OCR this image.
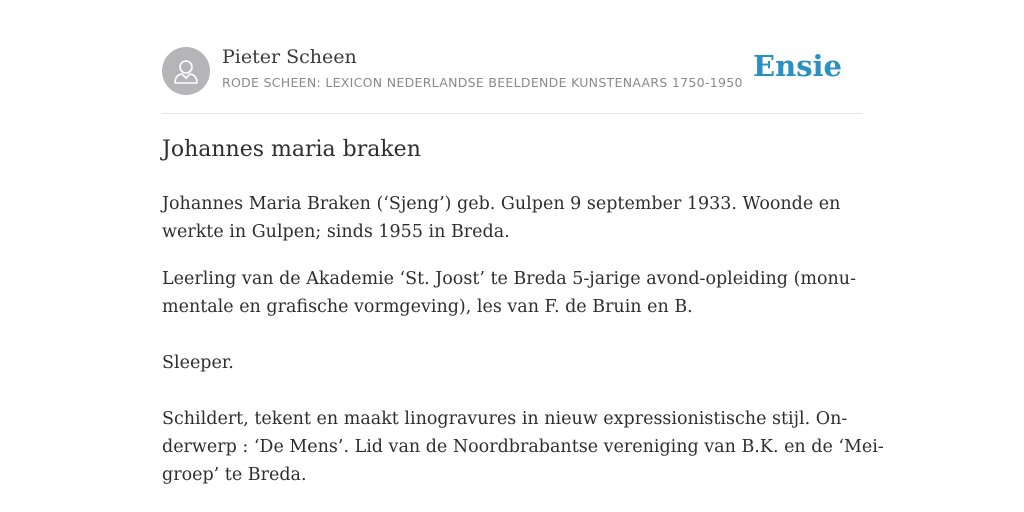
Pieter Scheen
RODE SCHEEN: LEXICON NEDERLANDSE BEELDENDE KUNSTENAARS 1750-1950 Ensie
Johannes maria braken

Johannes Maria Braken (‘Sjeng’) geb. Gulpen 9 september 1933. Woonde en
werkte in Gulpen; sinds 1955 in Breda.

Leerling van de Akademie ‘St. Joost’ te Breda 5-jarige avond-opleiding (monu-
mentale en grafische vormgeving), les van F. de Bruin en B.

Sleeper.

Schildert, tekent en maakt linogravures in nieuw expressionistische stijl. On-
derwerp : ‘De Mens’. Lid van de Noordbrabantse vereniging van B.K. en de ‘Mei-
groep’ te Breda.
